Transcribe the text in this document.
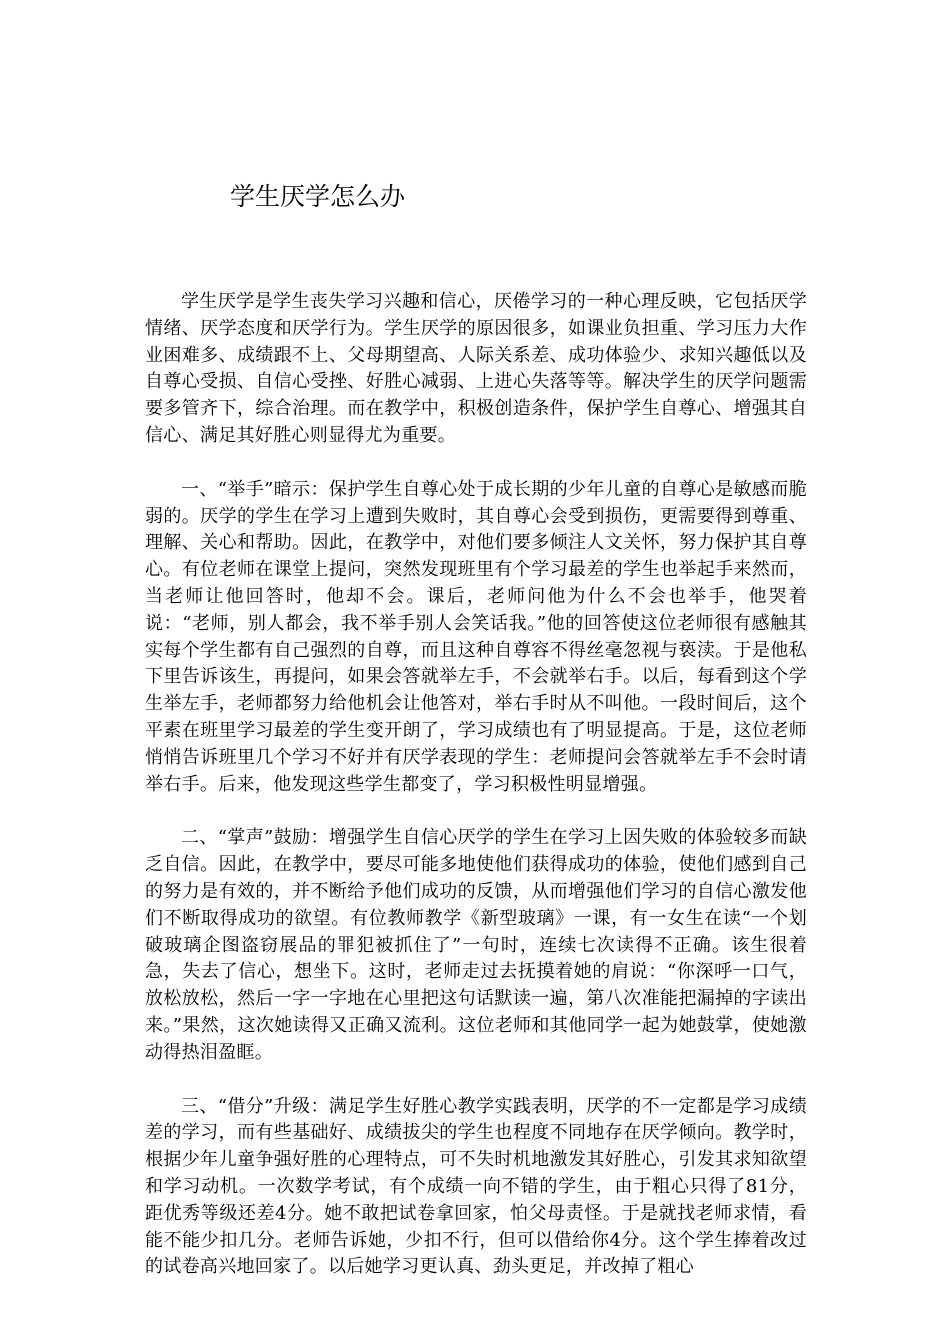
学生厌学怎么办

学生厌学是学生丧失学习兴趣和信心，厌倦学习的一种心理反映，它包括厌学情绪、厌学态度和厌学行为。学生厌学的原因很多，如课业负担重、学习压力大作业困难多、成绩跟不上、父母期望高、人际关系差、成功体验少、求知兴趣低以及自尊心受损、自信心受挫、好胜心减弱、上进心失落等等。解决学生的厌学问题需要多管齐下，综合治理。而在教学中，积极创造条件，保护学生自尊心、增强其自信心、满足其好胜心则显得尤为重要。

一、“举手”暗示：保护学生自尊心处于成长期的少年儿童的自尊心是敏感而脆弱的。厌学的学生在学习上遭到失败时，其自尊心会受到损伤，更需要得到尊重、理解、关心和帮助。因此，在教学中，对他们要多倾注人文关怀，努力保护其自尊心。有位老师在课堂上提问，突然发现班里有个学习最差的学生也举起手来然而，当老师让他回答时，他却不会。课后，老师问他为什么不会也举手，他哭着说：“老师，别人都会，我不举手别人会笑话我。”他的回答使这位老师很有感触其实每个学生都有自己强烈的自尊，而且这种自尊容不得丝毫忽视与亵渎。于是他私下里告诉该生，再提问，如果会答就举左手，不会就举右手。以后，每看到这个学生举左手，老师都努力给他机会让他答对，举右手时从不叫他。一段时间后，这个平素在班里学习最差的学生变开朗了，学习成绩也有了明显提高。于是，这位老师悄悄告诉班里几个学习不好并有厌学表现的学生：老师提问会答就举左手不会时请举右手。后来，他发现这些学生都变了，学习积极性明显增强。

二、“掌声”鼓励：增强学生自信心厌学的学生在学习上因失败的体验较多而缺乏自信。因此，在教学中，要尽可能多地使他们获得成功的体验，使他们感到自己的努力是有效的，并不断给予他们成功的反馈，从而增强他们学习的自信心激发他们不断取得成功的欲望。有位教师教学《新型玻璃》一课，有一女生在读“一个划破玻璃企图盗窃展品的罪犯被抓住了”一句时，连续七次读得不正确。该生很着急，失去了信心，想坐下。这时，老师走过去抚摸着她的肩说：“你深呼一口气，放松放松，然后一字一字地在心里把这句话默读一遍，第八次准能把漏掉的字读出来。”果然，这次她读得又正确又流利。这位老师和其他同学一起为她鼓掌，使她激动得热泪盈眶。

三、“借分”升级：满足学生好胜心教学实践表明，厌学的不一定都是学习成绩差的学习，而有些基础好、成绩拔尖的学生也程度不同地存在厌学倾向。教学时，根据少年儿童争强好胜的心理特点，可不失时机地激发其好胜心，引发其求知欲望和学习动机。一次数学考试，有个成绩一向不错的学生，由于粗心只得了81分，距优秀等级还差4分。她不敢把试卷拿回家，怕父母责怪。于是就找老师求情，看能不能少扣几分。老师告诉她，少扣不行，但可以借给你4分。这个学生捧着改过的试卷高兴地回家了。以后她学习更认真、劲头更足，并改掉了粗心
